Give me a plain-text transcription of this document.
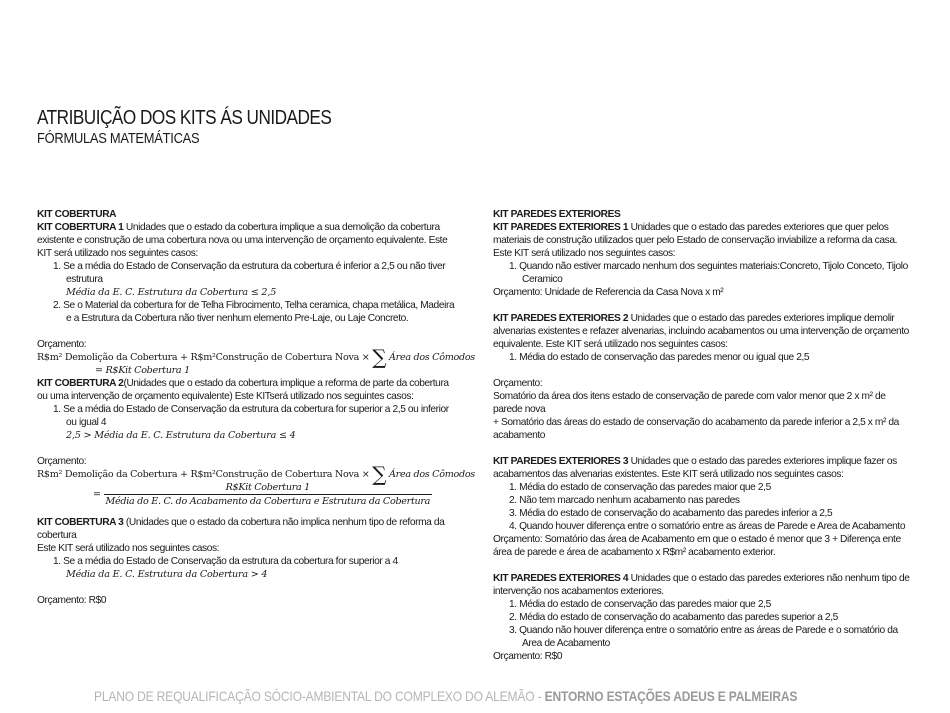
ATRIBUIÇÃO DOS KITS ÁS UNIDADES
FÓRMULAS MATEMÁTICAS

KIT COBERTURA

KIT COBERTURA 1 Unidades que o estado da cobertura implique a sua demolição da cobertura existente e construção de uma cobertura nova ou uma intervenção de orçamento equivalente. Este KIT será utilizado nos seguintes casos:

1. Se a média do Estado de Conservação da estrutura da cobertura é inferior a 2,5 ou não tiver estrutura

Média da E. C. Estrutura da Cobertura ≤ 2,5

2. Se o Material da cobertura for de Telha Fibrocimento, Telha ceramica, chapa metálica, Madeira e a Estrutura da Cobertura não tiver nenhum elemento Pre-Laje, ou Laje Concreto.

Orçamento:

R$m² Demolição da Cobertura + R$m²Construção de Cobertura Nova × ∑ Área dos Cômodos

= R$Kit Cobertura 1

KIT COBERTURA 2(Unidades que o estado da cobertura implique a reforma de parte da cobertura ou uma intervenção de orçamento equivalente) Este KITserá utilizado nos seguintes casos:

1. Se a média do Estado de Conservação da estrutura da cobertura for superior a 2,5 ou inferior ou igual 4

2,5 > Média da E. C. Estrutura da Cobertura ≤ 4

Orçamento:

R$m² Demolição da Cobertura + R$m²Construção de Cobertura Nova × ∑ Área dos Cômodos

=
R$Kit Cobertura 1
Média do E. C. do Acabamento da Cobertura e Estrutura da Cobertura

KIT COBERTURA 3 (Unidades que o estado da cobertura não implica nenhum tipo de reforma da cobertura

Este KIT será utilizado nos seguintes casos:

1. Se a média do Estado de Conservação da estrutura da cobertura for superior a 4

Média da E. C. Estrutura da Cobertura > 4

Orçamento: R$0

KIT PAREDES EXTERIORES

KIT PAREDES EXTERIORES 1 Unidades que o estado das paredes exteriores que quer pelos materiais de construção utilizados quer pelo Estado de conservação inviabilize a reforma da casa. Este KIT será utilizado nos seguintes casos:

1. Quando não estiver marcado nenhum dos seguintes materiais:Concreto, Tijolo Conceto, Tijolo Ceramico

Orçamento: Unidade de Referencia da Casa Nova x m²

KIT PAREDES EXTERIORES 2 Unidades que o estado das paredes exteriores implique demolir alvenarias existentes e refazer alvenarias, incluindo acabamentos ou uma intervenção de orçamento equivalente. Este KIT será utilizado nos seguintes casos:

1. Média do estado de conservação das paredes menor ou igual que 2,5

Orçamento:

Somatório da área dos itens estado de conservação de parede com valor menor que 2 x m² de parede nova

+ Somatório das áreas do estado de conservação do acabamento da parede inferior a 2,5 x m² da acabamento

KIT PAREDES EXTERIORES 3 Unidades que o estado das paredes exteriores implique fazer os acabamentos das alvenarias existentes. Este KIT será utilizado nos seguintes casos:

1. Média do estado de conservação das paredes maior que 2,5

2. Não tem marcado nenhum acabamento nas paredes

3. Média do estado de conservação do acabamento das paredes inferior a 2,5

4. Quando houver diferença entre o somatório entre as áreas de Parede e Area de Acabamento

Orçamento: Somatório das área de Acabamento em que o estado é menor que 3 + Diferença ente área de parede e área de acabamento x R$m² acabamento exterior.

KIT PAREDES EXTERIORES 4 Unidades que o estado das paredes exteriores não nenhum tipo de intervenção nos acabamentos exteriores.

1. Média do estado de conservação das paredes maior que 2,5

2. Média do estado de conservação do acabamento das paredes superior a 2,5

3. Quando não houver diferença entre o somatório entre as áreas de Parede e o somatório da Area de Acabamento

Orçamento: R$0

PLANO DE REQUALIFICAÇÃO SÓCIO-AMBIENTAL DO COMPLEXO DO ALEMÃO - ENTORNO ESTAÇÕES ADEUS E PALMEIRAS
